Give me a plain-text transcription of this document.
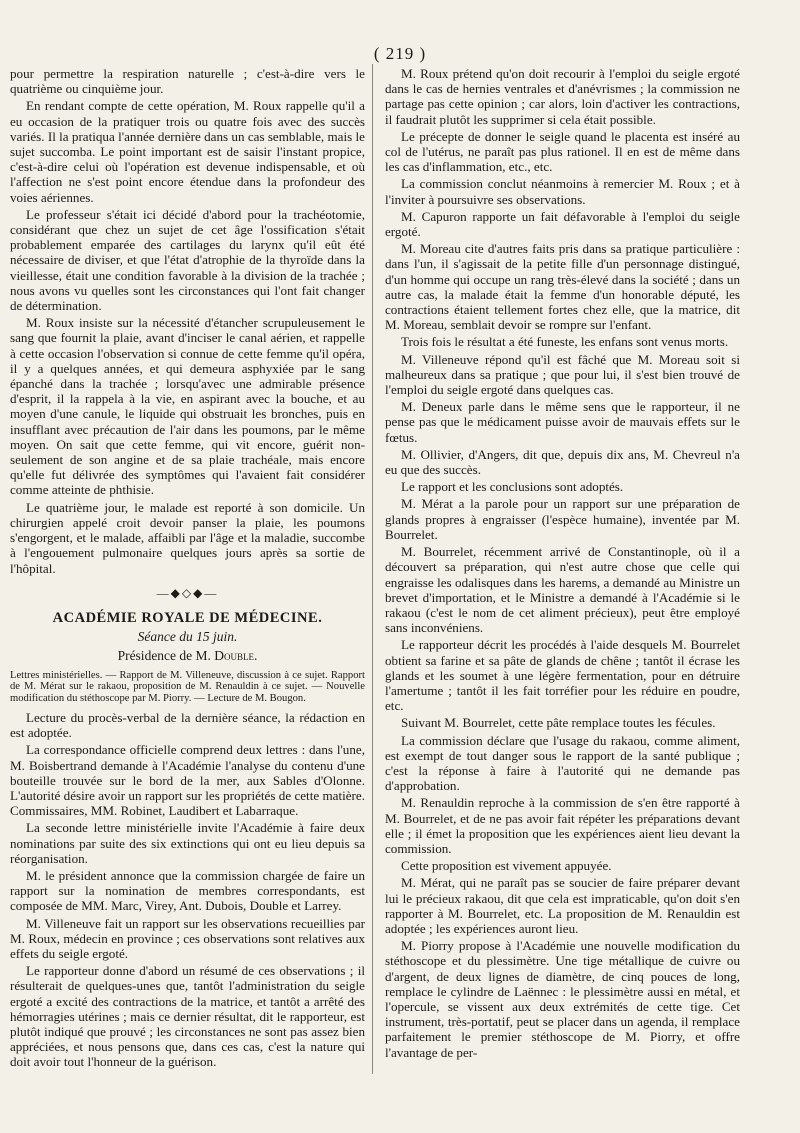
( 219 )

pour permettre la respiration naturelle ; c'est-à-dire vers le quatrième ou cinquième jour.

En rendant compte de cette opération, M. Roux rappelle qu'il a eu occasion de la pratiquer trois ou quatre fois avec des succès variés. Il la pratiqua l'année dernière dans un cas semblable, mais le sujet succomba. Le point important est de saisir l'instant propice, c'est-à-dire celui où l'opération est devenue indispensable, et où l'affection ne s'est point encore étendue dans la profondeur des voies aériennes.

Le professeur s'était ici décidé d'abord pour la trachéotomie, considérant que chez un sujet de cet âge l'ossification s'était probablement emparée des cartilages du larynx qu'il eût été nécessaire de diviser, et que l'état d'atrophie de la thyroïde dans la vieillesse, était une condition favorable à la division de la trachée ; nous avons vu quelles sont les circonstances qui l'ont fait changer de détermination.

M. Roux insiste sur la nécessité d'étancher scrupuleusement le sang que fournit la plaie, avant d'inciser le canal aérien, et rappelle à cette occasion l'observation si connue de cette femme qu'il opéra, il y a quelques années, et qui demeura asphyxiée par le sang épanché dans la trachée ; lorsqu'avec une admirable présence d'esprit, il la rappela à la vie, en aspirant avec la bouche, et au moyen d'une canule, le liquide qui obstruait les bronches, puis en insufflant avec précaution de l'air dans les poumons, par le même moyen. On sait que cette femme, qui vit encore, guérit non-seulement de son angine et de sa plaie trachéale, mais encore qu'elle fut délivrée des symptômes qui l'avaient fait considérer comme atteinte de phthisie.

Le quatrième jour, le malade est reporté à son domicile. Un chirurgien appelé croit devoir panser la plaie, les poumons s'engorgent, et le malade, affaibli par l'âge et la maladie, succombe à l'engouement pulmonaire quelques jours après sa sortie de l'hôpital.

—◆◇◆—
ACADÉMIE ROYALE DE MÉDECINE.
Séance du 15 juin.
Présidence de M. Double.

Lettres ministérielles. — Rapport de M. Villeneuve, discussion à ce sujet. Rapport de M. Mérat sur le rakaou, proposition de M. Renauldin à ce sujet. — Nouvelle modification du stéthoscope par M. Piorry. — Lecture de M. Bougon.

Lecture du procès-verbal de la dernière séance, la rédaction en est adoptée.

La correspondance officielle comprend deux lettres : dans l'une, M. Boisbertrand demande à l'Académie l'analyse du contenu d'une bouteille trouvée sur le bord de la mer, aux Sables d'Olonne. L'autorité désire avoir un rapport sur les propriétés de cette matière. Commissaires, MM. Robinet, Laudibert et Labarraque.

La seconde lettre ministérielle invite l'Académie à faire deux nominations par suite des six extinctions qui ont eu lieu depuis sa réorganisation.

M. le président annonce que la commission chargée de faire un rapport sur la nomination de membres correspondants, est composée de MM. Marc, Virey, Ant. Dubois, Double et Larrey.

M. Villeneuve fait un rapport sur les observations recueillies par M. Roux, médecin en province ; ces observations sont relatives aux effets du seigle ergoté.

Le rapporteur donne d'abord un résumé de ces observations ; il résulterait de quelques-unes que, tantôt l'administration du seigle ergoté a excité des contractions de la matrice, et tantôt a arrêté des hémorragies utérines ; mais ce dernier résultat, dit le rapporteur, est plutôt indiqué que prouvé ; les circonstances ne sont pas assez bien appréciées, et nous pensons que, dans ces cas, c'est la nature qui doit avoir tout l'honneur de la guérison.

M. Roux prétend qu'on doit recourir à l'emploi du seigle ergoté dans le cas de hernies ventrales et d'anévrismes ; la commission ne partage pas cette opinion ; car alors, loin d'activer les contractions, il faudrait plutôt les supprimer si cela était possible.

Le précepte de donner le seigle quand le placenta est inséré au col de l'utérus, ne paraît pas plus rationel. Il en est de même dans les cas d'inflammation, etc., etc.

La commission conclut néanmoins à remercier M. Roux ; et à l'inviter à poursuivre ses observations.

M. Capuron rapporte un fait défavorable à l'emploi du seigle ergoté.

M. Moreau cite d'autres faits pris dans sa pratique particulière : dans l'un, il s'agissait de la petite fille d'un personnage distingué, d'un homme qui occupe un rang très-élevé dans la société ; dans un autre cas, la malade était la femme d'un honorable député, les contractions étaient tellement fortes chez elle, que la matrice, dit M. Moreau, semblait devoir se rompre sur l'enfant.

Trois fois le résultat a été funeste, les enfans sont venus morts.

M. Villeneuve répond qu'il est fâché que M. Moreau soit si malheureux dans sa pratique ; que pour lui, il s'est bien trouvé de l'emploi du seigle ergoté dans quelques cas.

M. Deneux parle dans le même sens que le rapporteur, il ne pense pas que le médicament puisse avoir de mauvais effets sur le fœtus.

M. Ollivier, d'Angers, dit que, depuis dix ans, M. Chevreul n'a eu que des succès.

Le rapport et les conclusions sont adoptés.

M. Mérat a la parole pour un rapport sur une préparation de glands propres à engraisser (l'espèce humaine), inventée par M. Bourrelet.

M. Bourrelet, récemment arrivé de Constantinople, où il a découvert sa préparation, qui n'est autre chose que celle qui engraisse les odalisques dans les harems, a demandé au Ministre un brevet d'importation, et le Ministre a demandé à l'Académie si le rakaou (c'est le nom de cet aliment précieux), peut être employé sans inconvéniens.

Le rapporteur décrit les procédés à l'aide desquels M. Bourrelet obtient sa farine et sa pâte de glands de chêne ; tantôt il écrase les glands et les soumet à une légère fermentation, pour en détruire l'amertume ; tantôt il les fait torréfier pour les réduire en poudre, etc.

Suivant M. Bourrelet, cette pâte remplace toutes les fécules.

La commission déclare que l'usage du rakaou, comme aliment, est exempt de tout danger sous le rapport de la santé publique ; c'est la réponse à faire à l'autorité qui ne demande pas d'approbation.

M. Renauldin reproche à la commission de s'en être rapporté à M. Bourrelet, et de ne pas avoir fait répéter les préparations devant elle ; il émet la proposition que les expériences aient lieu devant la commission.

Cette proposition est vivement appuyée.

M. Mérat, qui ne paraît pas se soucier de faire préparer devant lui le précieux rakaou, dit que cela est impraticable, qu'on doit s'en rapporter à M. Bourrelet, etc. La proposition de M. Renauldin est adoptée ; les expériences auront lieu.

M. Piorry propose à l'Académie une nouvelle modification du stéthoscope et du plessimètre. Une tige métallique de cuivre ou d'argent, de deux lignes de diamètre, de cinq pouces de long, remplace le cylindre de Laënnec : le plessimètre aussi en métal, et l'opercule, se vissent aux deux extrémités de cette tige. Cet instrument, très-portatif, peut se placer dans un agenda, il remplace parfaitement le premier stéthoscope de M. Piorry, et offre l'avantage de per-
